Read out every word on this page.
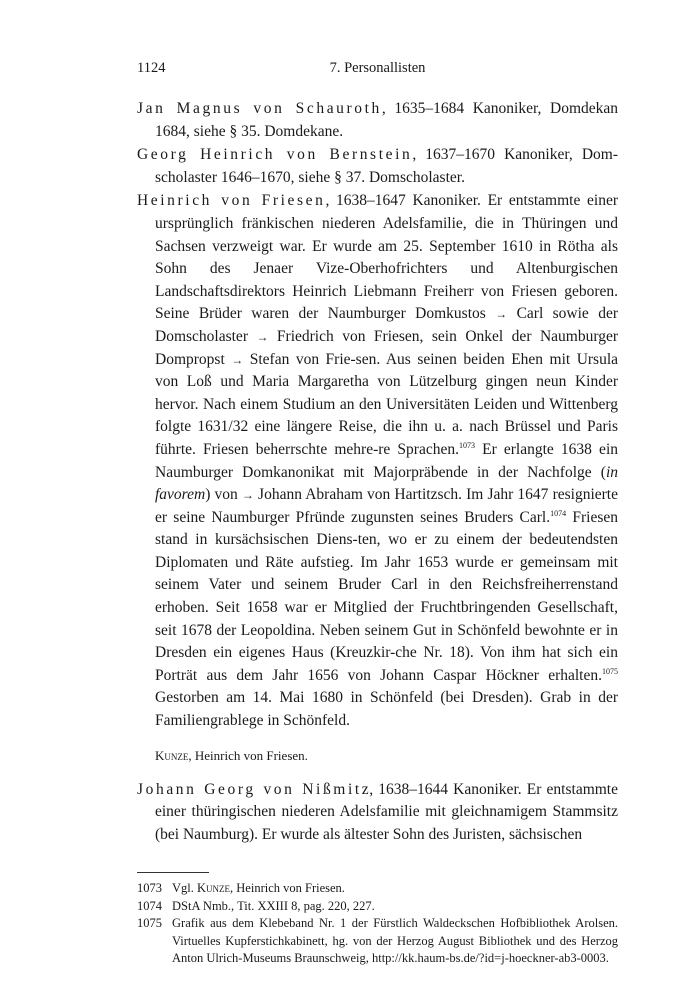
1124	7. Personallisten

Jan Magnus von Schauroth, 1635–1684 Kanoniker, Domdekan 1684, siehe § 35. Domdekane.

Georg Heinrich von Bernstein, 1637–1670 Kanoniker, Dom-scholaster 1646–1670, siehe § 37. Domscholaster.

Heinrich von Friesen, 1638–1647 Kanoniker. Er entstammte einer ursprünglich fränkischen niederen Adelsfamilie, die in Thüringen und Sachsen verzweigt war. Er wurde am 25. September 1610 in Rötha als Sohn des Jenaer Vize-Oberhofrichters und Altenburgischen Landschaftsdirektors Heinrich Liebmann Freiherr von Friesen geboren. Seine Brüder waren der Naumburger Domkustos → Carl sowie der Domscholaster → Friedrich von Friesen, sein Onkel der Naumburger Dompropst → Stefan von Frie-sen. Aus seinen beiden Ehen mit Ursula von Loß und Maria Margaretha von Lützelburg gingen neun Kinder hervor. Nach einem Studium an den Universitäten Leiden und Wittenberg folgte 1631/32 eine längere Reise, die ihn u. a. nach Brüssel und Paris führte. Friesen beherrschte mehre-re Sprachen.$^{1073}$ Er erlangte 1638 ein Naumburger Domkanonikat mit Majorpräbende in der Nachfolge (in favorem) von → Johann Abraham von Hartitzsch. Im Jahr 1647 resignierte er seine Naumburger Pfründe zugunsten seines Bruders Carl.$^{1074}$ Friesen stand in kursächsischen Diens-ten, wo er zu einem der bedeutendsten Diplomaten und Räte aufstieg. Im Jahr 1653 wurde er gemeinsam mit seinem Vater und seinem Bruder Carl in den Reichsfreiherrenstand erhoben. Seit 1658 war er Mitglied der Fruchtbringenden Gesellschaft, seit 1678 der Leopoldina. Neben seinem Gut in Schönfeld bewohnte er in Dresden ein eigenes Haus (Kreuzkir-che Nr. 18). Von ihm hat sich ein Porträt aus dem Jahr 1656 von Johann Caspar Höckner erhalten.$^{1075}$ Gestorben am 14. Mai 1680 in Schönfeld (bei Dresden). Grab in der Familiengrablege in Schönfeld.

Kunze, Heinrich von Friesen.

Johann Georg von Nißmitz, 1638–1644 Kanoniker. Er entstammte einer thüringischen niederen Adelsfamilie mit gleichnamigem Stammsitz (bei Naumburg). Er wurde als ältester Sohn des Juristen, sächsischen

1073 Vgl. Kunze, Heinrich von Friesen.
1074 DStA Nmb., Tit. XXIII 8, pag. 220, 227.
1075 Grafik aus dem Klebeband Nr. 1 der Fürstlich Waldeckschen Hofbibliothek Arolsen. Virtuelles Kupferstichkabinett, hg. von der Herzog August Bibliothek und des Herzog Anton Ulrich-Museums Braunschweig, http://kk.haum-bs.de/?id=j-hoeckner-ab3-0003.
